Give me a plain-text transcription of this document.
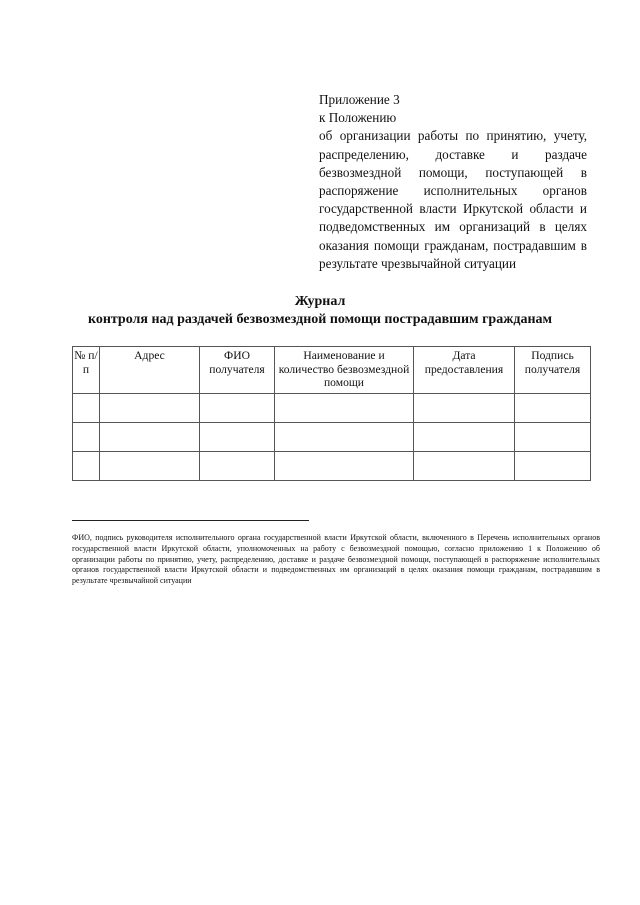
Приложение 3
к Положению
об организации работы по принятию, учету, распределению, доставке и раздаче безвозмездной помощи, поступающей в распоряжение исполнительных органов государственной власти Иркутской области и подведомственных им организаций в целях оказания помощи гражданам, пострадавшим в результате чрезвычайной ситуации
Журнал
контроля над раздачей безвозмездной помощи пострадавшим гражданам
№ п/п	Адрес	ФИО получателя	Наименование и количество безвозмездной помощи	Дата предоставления	Подпись получателя

ФИО, подпись руководителя исполнительного органа государственной власти Иркутской области, включенного в Перечень исполнительных органов государственной власти Иркутской области, уполномоченных на работу с безвозмездной помощью, согласно приложению 1 к Положению об организации работы по принятию, учету, распределению, доставке и раздаче безвозмездной помощи, поступающей в распоряжение исполнительных органов государственной власти Иркутской области и подведомственных им организаций в целях оказания помощи гражданам, пострадавшим в результате чрезвычайной ситуации
